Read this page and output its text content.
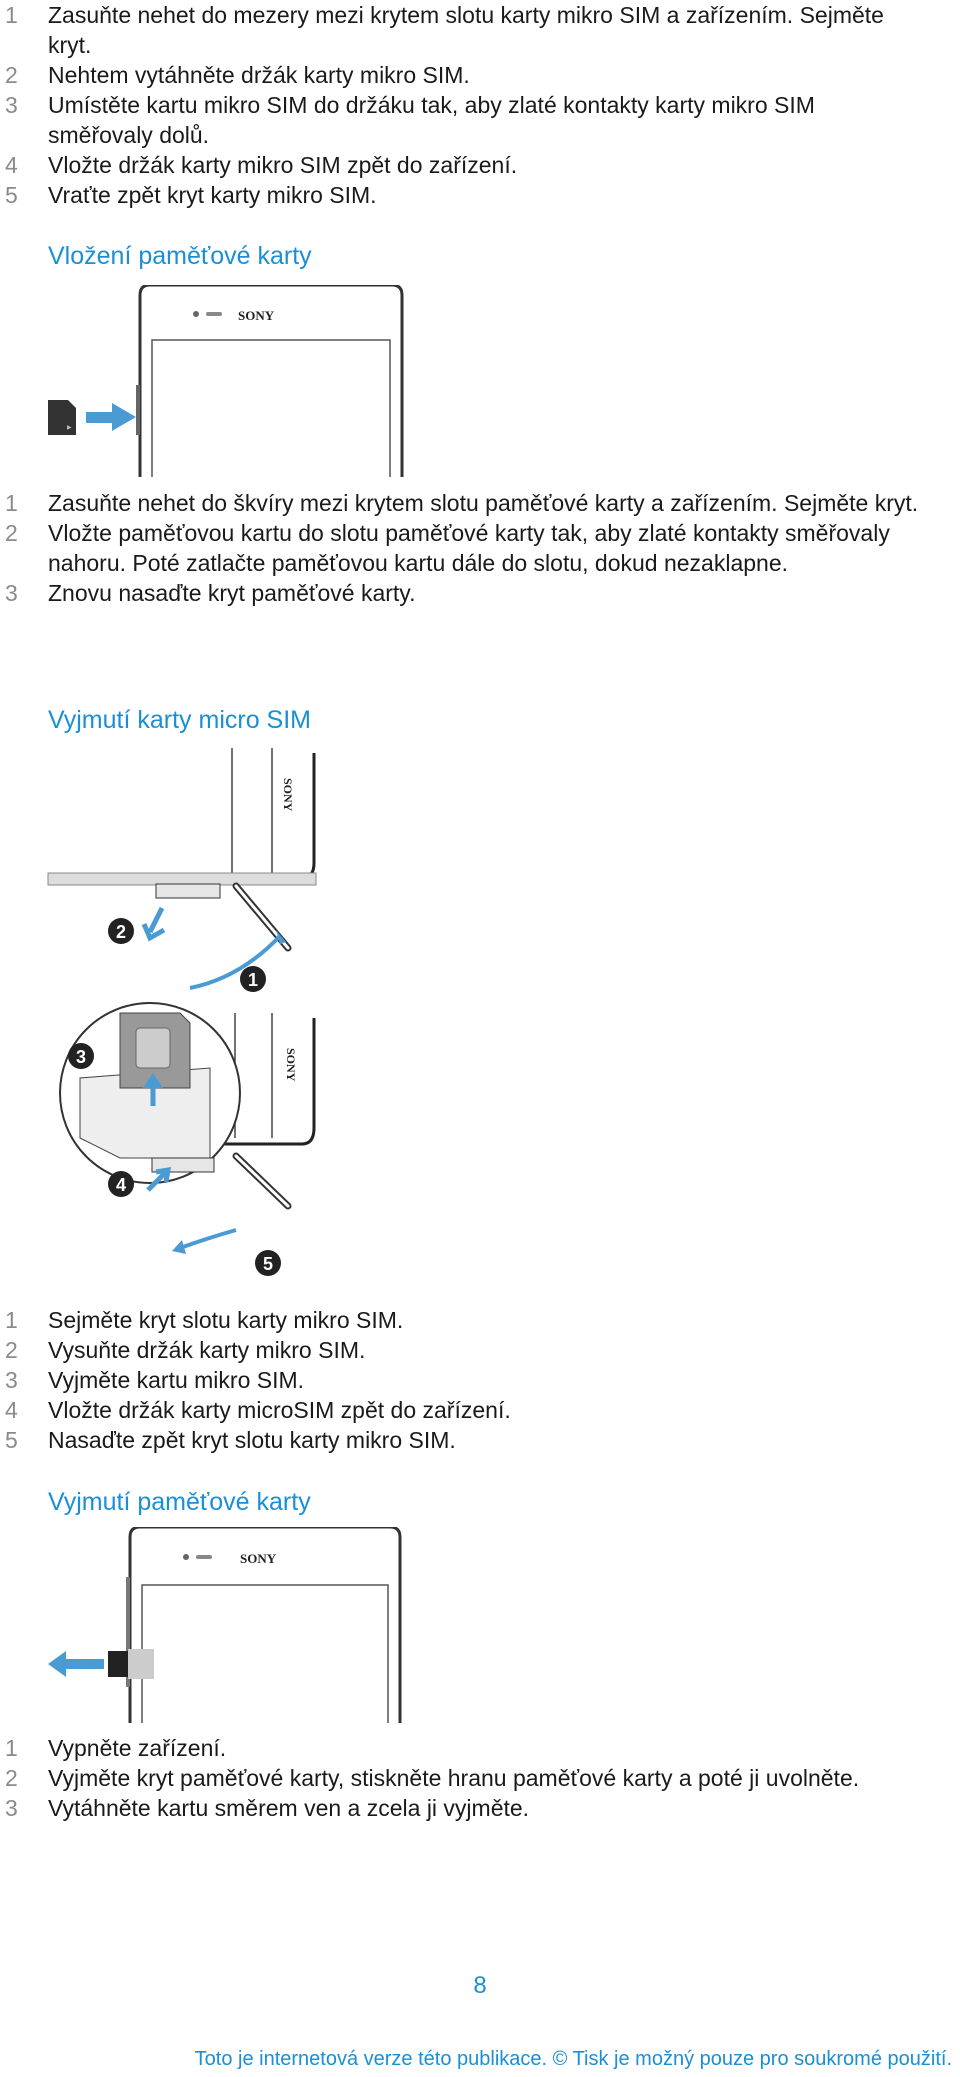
1 Zasuňte nehet do mezery mezi krytem slotu karty mikro SIM a zařízením. Sejměte kryt.
2 Nehtem vytáhněte držák karty mikro SIM.
3 Umístěte kartu mikro SIM do držáku tak, aby zlaté kontakty karty mikro SIM směřovaly dolů.
4 Vložte držák karty mikro SIM zpět do zařízení.
5 Vraťte zpět kryt karty mikro SIM.
Vložení paměťové karty
SONY
▶
1 Zasuňte nehet do škvíry mezi krytem slotu paměťové karty a zařízením. Sejměte kryt.
2 Vložte paměťovou kartu do slotu paměťové karty tak, aby zlaté kontakty směřovaly nahoru. Poté zatlačte paměťovou kartu dále do slotu, dokud nezaklapne.
3 Znovu nasaďte kryt paměťové karty.
Vyjmutí karty micro SIM
SONY
2
1
SONY
3
4
5
1 Sejměte kryt slotu karty mikro SIM.
2 Vysuňte držák karty mikro SIM.
3 Vyjměte kartu mikro SIM.
4 Vložte držák karty microSIM zpět do zařízení.
5 Nasaďte zpět kryt slotu karty mikro SIM.
Vyjmutí paměťové karty
SONY
1 Vypněte zařízení.
2 Vyjměte kryt paměťové karty, stiskněte hranu paměťové karty a poté ji uvolněte.
3 Vytáhněte kartu směrem ven a zcela ji vyjměte.
8
Toto je internetová verze této publikace. © Tisk je možný pouze pro soukromé použití.
